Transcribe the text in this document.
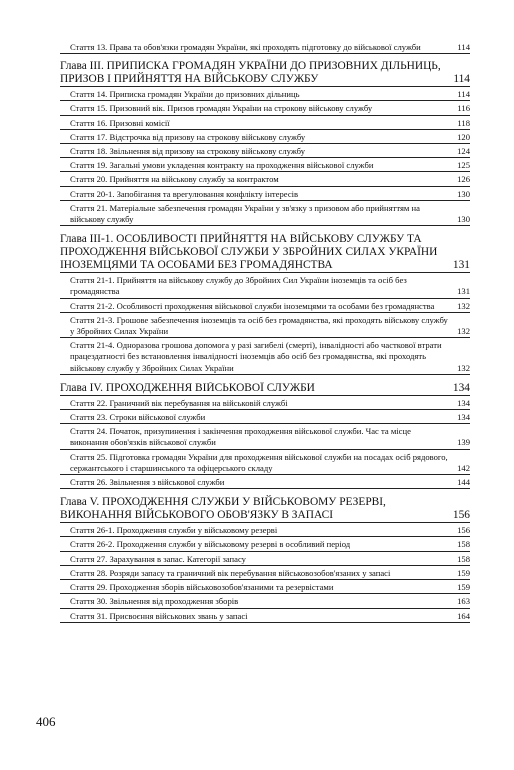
Стаття 13. Права та обов'язки громадян України, які проходять підготовку до військової служби	114
Глава III. ПРИПИСКА ГРОМАДЯН УКРАЇНИ ДО ПРИЗОВНИХ ДІЛЬНИЦЬ, ПРИЗОВ І ПРИЙНЯТТЯ НА ВІЙСЬКОВУ СЛУЖБУ	114
Стаття 14. Приписка громадян України до призовних дільниць	114
Стаття 15. Призовний вік. Призов громадян України на строкову військову службу	116
Стаття 16. Призовні комісії	118
Стаття 17. Відстрочка від призову на строкову військову службу	120
Стаття 18. Звільнення від призову на строкову військову службу	124
Стаття 19. Загальні умови укладення контракту на проходження військової служби	125
Стаття 20. Прийняття на військову службу за контрактом	126
Стаття 20-1. Запобігання та врегулювання конфлікту інтересів	130
Стаття 21. Матеріальне забезпечення громадян України у зв'язку з призовом або прийняттям на військову службу	130
Глава III-1. ОСОБЛИВОСТІ ПРИЙНЯТТЯ НА ВІЙСЬКОВУ СЛУЖБУ ТА ПРОХОДЖЕННЯ ВІЙСЬКОВОЇ СЛУЖБИ У ЗБРОЙНИХ СИЛАХ УКРАЇНИ ІНОЗЕМЦЯМИ ТА ОСОБАМИ БЕЗ ГРОМАДЯНСТВА	131
Стаття 21-1. Прийняття на військову службу до Збройних Сил України іноземців та осіб без громадянства	131
Стаття 21-2. Особливості проходження військової служби іноземцями та особами без громадянства	132
Стаття 21-3. Грошове забезпечення іноземців та осіб без громадянства, які проходять військову службу у Збройних Силах України	132
Стаття 21-4. Одноразова грошова допомога у разі загибелі (смерті), інвалідності або часткової втрати працездатності без встановлення інвалідності іноземців або осіб без громадянства, які проходять військову службу у Збройних Силах України	132
Глава IV. ПРОХОДЖЕННЯ ВІЙСЬКОВОЇ СЛУЖБИ	134
Стаття 22. Граничний вік перебування на військовій службі	134
Стаття 23. Строки військової служби	134
Стаття 24. Початок, призупинення і закінчення проходження військової служби. Час та місце виконання обов'язків військової служби	139
Стаття 25. Підготовка громадян України для проходження військової служби на посадах осіб рядового, сержантського і старшинського та офіцерського складу	142
Стаття 26. Звільнення з військової служби	144
Глава V. ПРОХОДЖЕННЯ СЛУЖБИ У ВІЙСЬКОВОМУ РЕЗЕРВІ, ВИКОНАННЯ ВІЙСЬКОВОГО ОБОВ'ЯЗКУ В ЗАПАСІ	156
Стаття 26-1. Проходження служби у військовому резерві	156
Стаття 26-2. Проходження служби у військовому резерві в особливий період	158
Стаття 27. Зарахування в запас. Категорії запасу	158
Стаття 28. Розряди запасу та граничний вік перебування військовозобов'язаних у запасі	159
Стаття 29. Проходження зборів військовозобов'язаними та резервістами	159
Стаття 30. Звільнення від проходження зборів	163
Стаття 31. Присвоєння військових звань у запасі	164
406
